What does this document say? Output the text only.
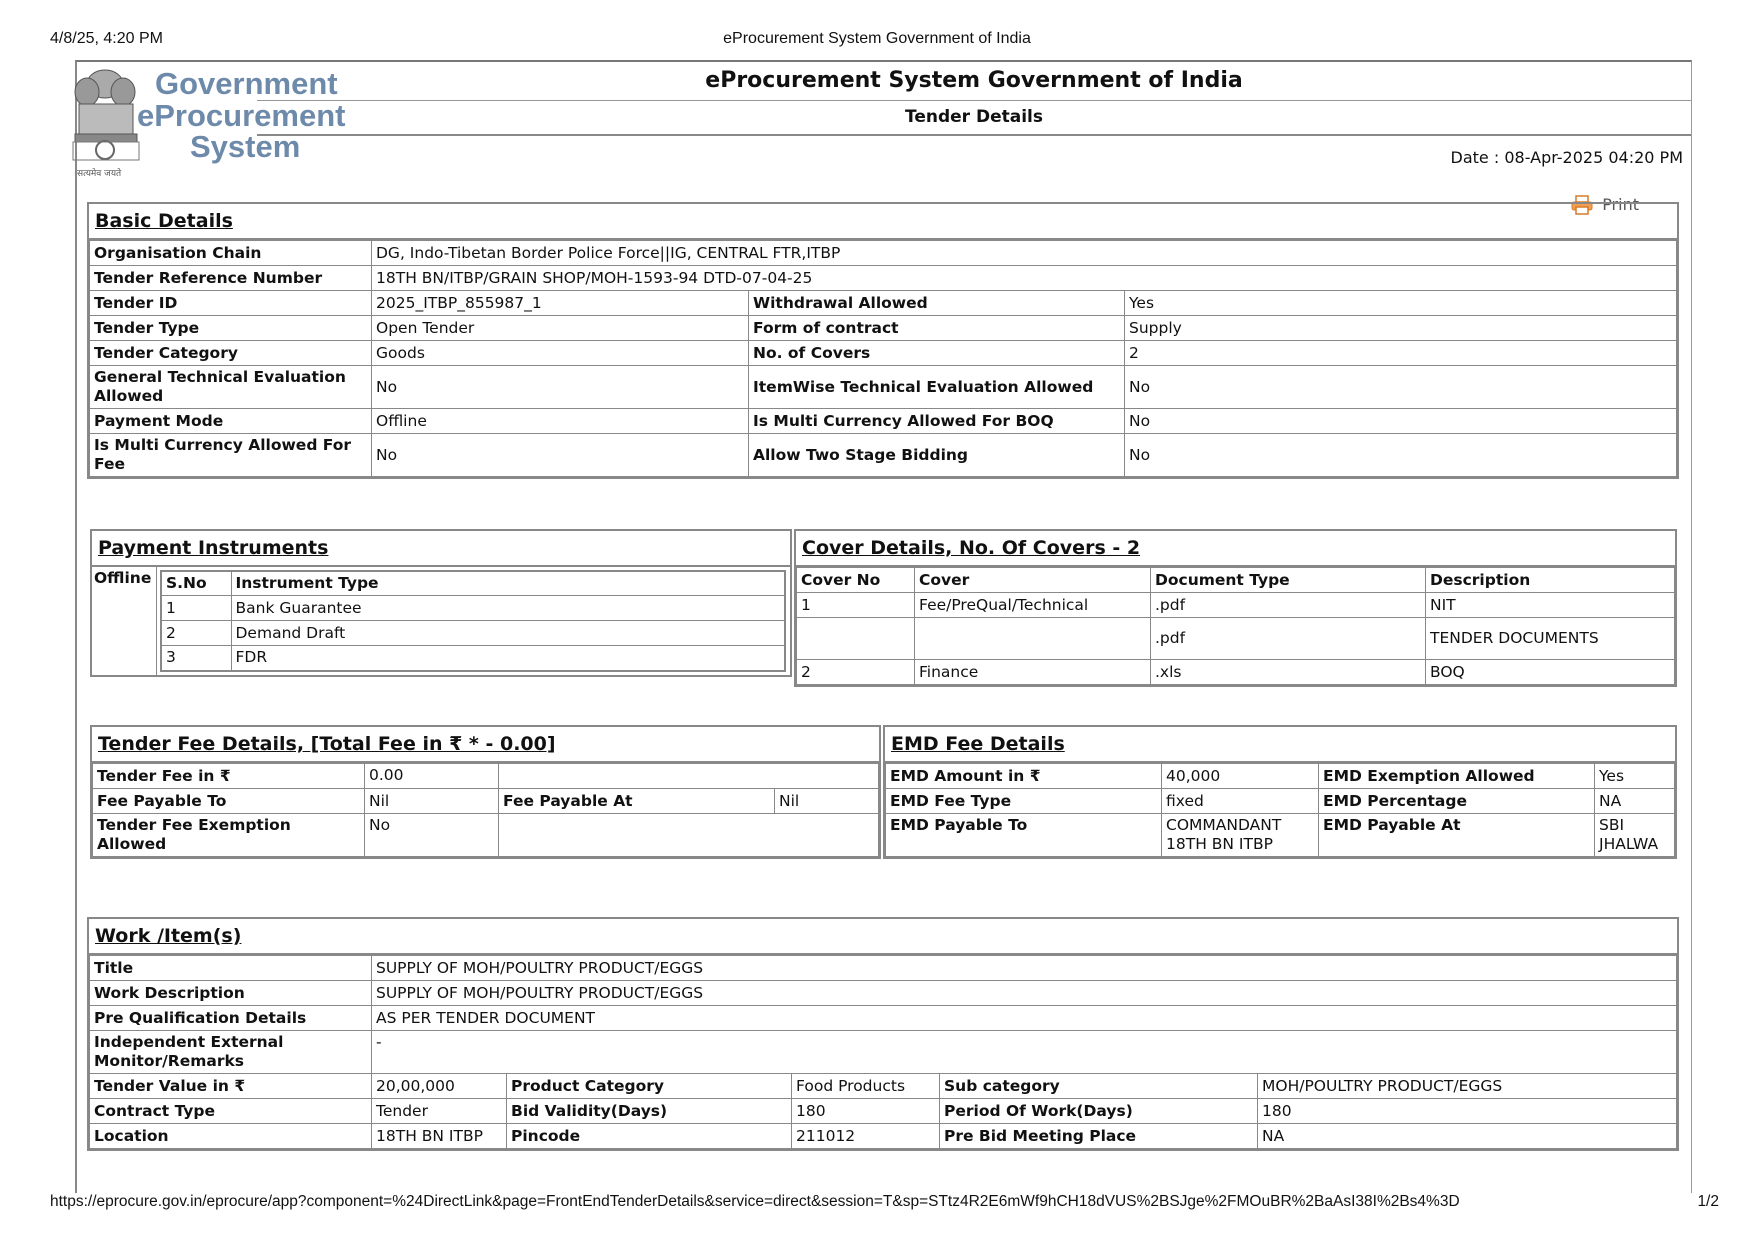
4/8/25, 4:20 PM	eProcurement System Government of India
सत्यमेव जयते
Government
eProcurement
System
eProcurement System Government of India
Tender Details
Date : 08-Apr-2025 04:20 PM
Print
Basic Details
Organisation Chain	DG, Indo-Tibetan Border Police Force||IG, CENTRAL FTR,ITBP		
Tender Reference Number	18TH BN/ITBP/GRAIN SHOP/MOH-1593-94 DTD-07-04-25		
Tender ID	2025_ITBP_855987_1	Withdrawal Allowed	Yes
Tender Type	Open Tender	Form of contract	Supply
Tender Category	Goods	No. of Covers	2
General Technical Evaluation Allowed	No	ItemWise Technical Evaluation Allowed	No
Payment Mode	Offline	Is Multi Currency Allowed For BOQ	No
Is Multi Currency Allowed For Fee	No	Allow Two Stage Bidding	No
Payment Instruments
Offline S.No	Instrument Type
1	Bank Guarantee
2	Demand Draft
3	FDR
Cover Details, No. Of Covers - 2
Cover No	Cover	Document Type	Description
1	Fee/PreQual/Technical	.pdf	NIT
		.pdf	TENDER DOCUMENTS
2	Finance	.xls	BOQ
Tender Fee Details, [Total Fee in ₹ * - 0.00]
Tender Fee in ₹	0.00		
Fee Payable To	Nil	Fee Payable At	Nil
Tender Fee Exemption Allowed	No		
EMD Fee Details
EMD Amount in ₹	40,000	EMD Exemption Allowed	Yes
EMD Fee Type	fixed	EMD Percentage	NA
EMD Payable To	COMMANDANT 18TH BN ITBP	EMD Payable At	SBI JHALWA
Work /Item(s)
Title	SUPPLY OF MOH/POULTRY PRODUCT/EGGS				
Work Description	SUPPLY OF MOH/POULTRY PRODUCT/EGGS				
Pre Qualification Details	AS PER TENDER DOCUMENT				
Independent External Monitor/Remarks	-				
Tender Value in ₹	20,00,000	Product Category	Food Products	Sub category	MOH/POULTRY PRODUCT/EGGS
Contract Type	Tender	Bid Validity(Days)	180	Period Of Work(Days)	180
Location	18TH BN ITBP	Pincode	211012	Pre Bid Meeting Place	NA
https://eprocure.gov.in/eprocure/app?component=%24DirectLink&page=FrontEndTenderDetails&service=direct&session=T&sp=STtz4R2E6mWf9hCH18dVUS%2BSJge%2FMOuBR%2BaAsI38I%2Bs4%3D	1/2
